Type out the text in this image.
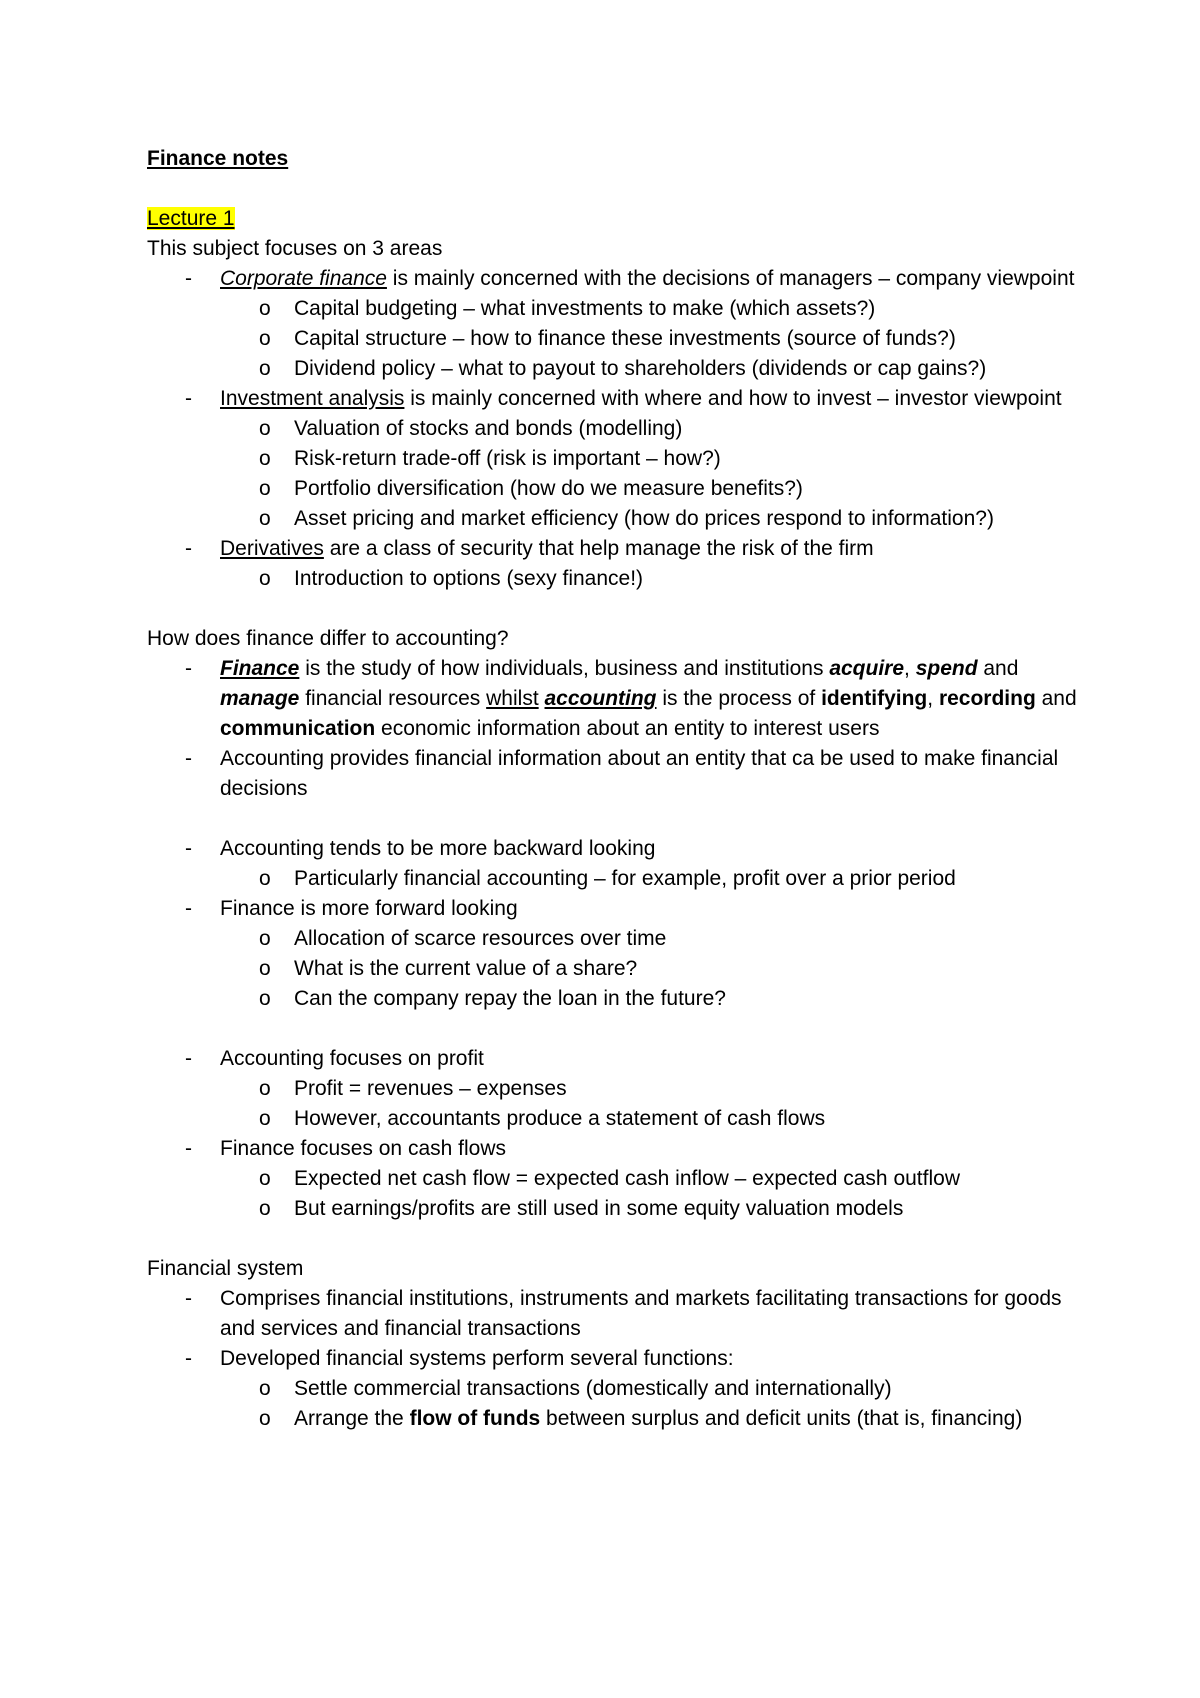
Finance notes

Lecture 1
This subject focuses on 3 areas
- Corporate finance is mainly concerned with the decisions of managers – company viewpoint
o Capital budgeting – what investments to make (which assets?)
o Capital structure – how to finance these investments (source of funds?)
o Dividend policy – what to payout to shareholders (dividends or cap gains?)
- Investment analysis is mainly concerned with where and how to invest – investor viewpoint
o Valuation of stocks and bonds (modelling)
o Risk-return trade-off (risk is important – how?)
o Portfolio diversification (how do we measure benefits?)
o Asset pricing and market efficiency (how do prices respond to information?)
- Derivatives are a class of security that help manage the risk of the firm
o Introduction to options (sexy finance!)
How does finance differ to accounting?
- Finance is the study of how individuals, business and institutions acquire, spend and manage financial resources whilst accounting is the process of identifying, recording and communication economic information about an entity to interest users
- Accounting provides financial information about an entity that ca be used to make financial decisions
- Accounting tends to be more backward looking
o Particularly financial accounting – for example, profit over a prior period
- Finance is more forward looking
o Allocation of scarce resources over time
o What is the current value of a share?
o Can the company repay the loan in the future?
- Accounting focuses on profit
o Profit = revenues – expenses
o However, accountants produce a statement of cash flows
- Finance focuses on cash flows
o Expected net cash flow = expected cash inflow – expected cash outflow
o But earnings/profits are still used in some equity valuation models
Financial system
- Comprises financial institutions, instruments and markets facilitating transactions for goods and services and financial transactions
- Developed financial systems perform several functions:
o Settle commercial transactions (domestically and internationally)
o Arrange the flow of funds between surplus and deficit units (that is, financing)
